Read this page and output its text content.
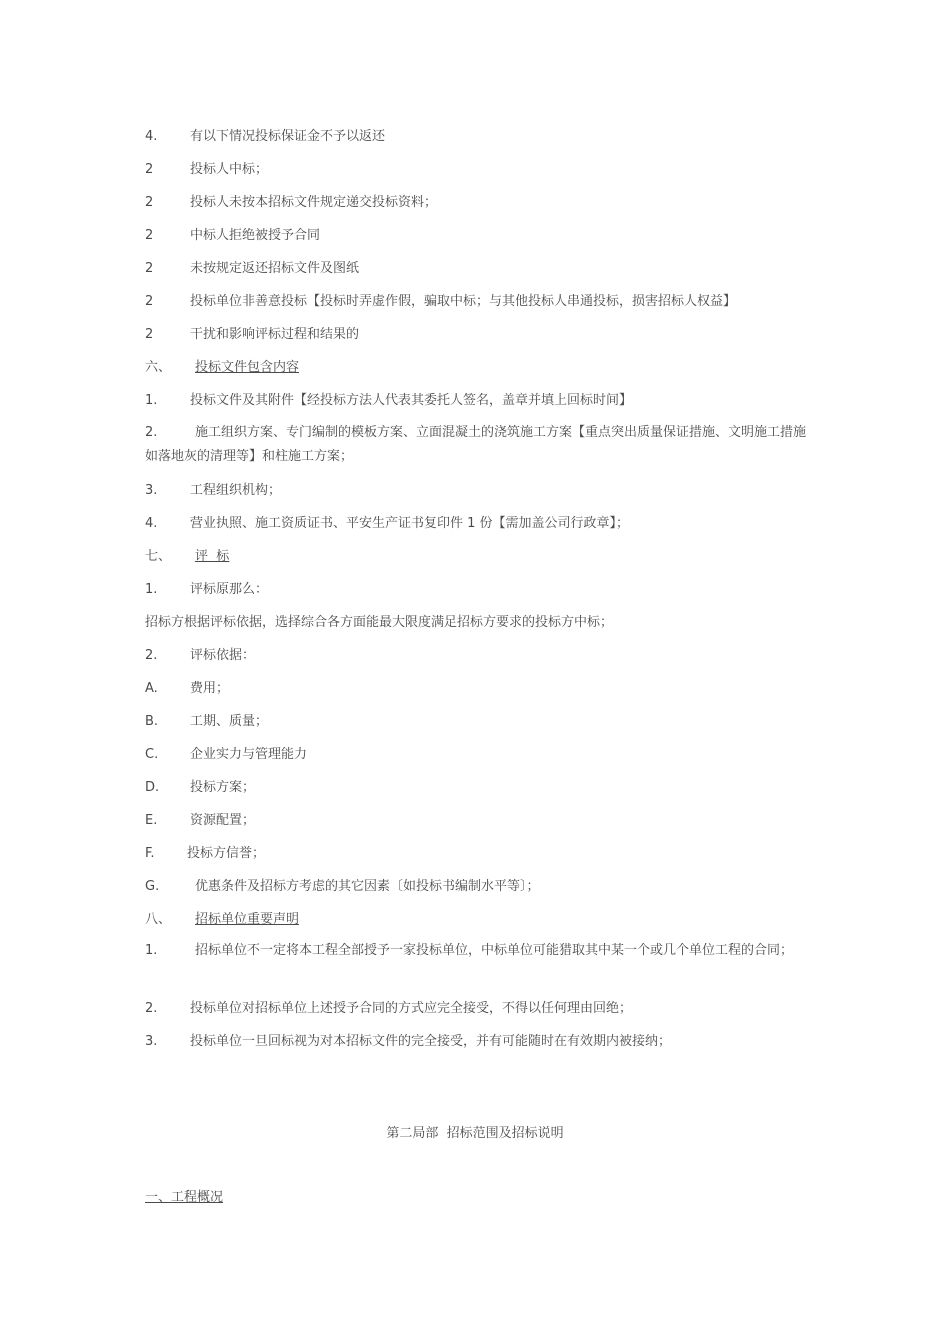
4.	有以下情况投标保证金不予以返还
2	投标人中标；
2	投标人未按本招标文件规定递交投标资料；
2	中标人拒绝被授予合同
2	未按规定返还招标文件及图纸
2	投标单位非善意投标【投标时弄虚作假，骗取中标；与其他投标人串通投标，损害招标人权益】
2	干扰和影响评标过程和结果的
六、 投标文件包含内容
1.	投标文件及其附件【经投标方法人代表其委托人签名，盖章并填上回标时间】
2.	施工组织方案、专门编制的模板方案、立面混凝土的浇筑施工方案【重点突出质量保证措施、文明施工措施如落地灰的清理等】和柱施工方案；
3.	工程组织机构；
4.	营业执照、施工资质证书、平安生产证书复印件 1 份【需加盖公司行政章】；
七、 评  标
1.	评标原那么：
招标方根据评标依据，选择综合各方面能最大限度满足招标方要求的投标方中标；
2.	评标依据：
A. 费用；
B. 工期、质量；
C. 企业实力与管理能力
D. 投标方案；
E.	资源配置；
F. 投标方信誉；
G.	优惠条件及招标方考虑的其它因素〔如投标书编制水平等〕；
八、 招标单位重要声明
1.	招标单位不一定将本工程全部授予一家投标单位，中标单位可能猎取其中某一个或几个单位工程的合同；
2.	投标单位对招标单位上述授予合同的方式应完全接受，不得以任何理由回绝；
3.	投标单位一旦回标视为对本招标文件的完全接受，并有可能随时在有效期内被接纳；
第二局部  招标范围及招标说明
一、工程概况
